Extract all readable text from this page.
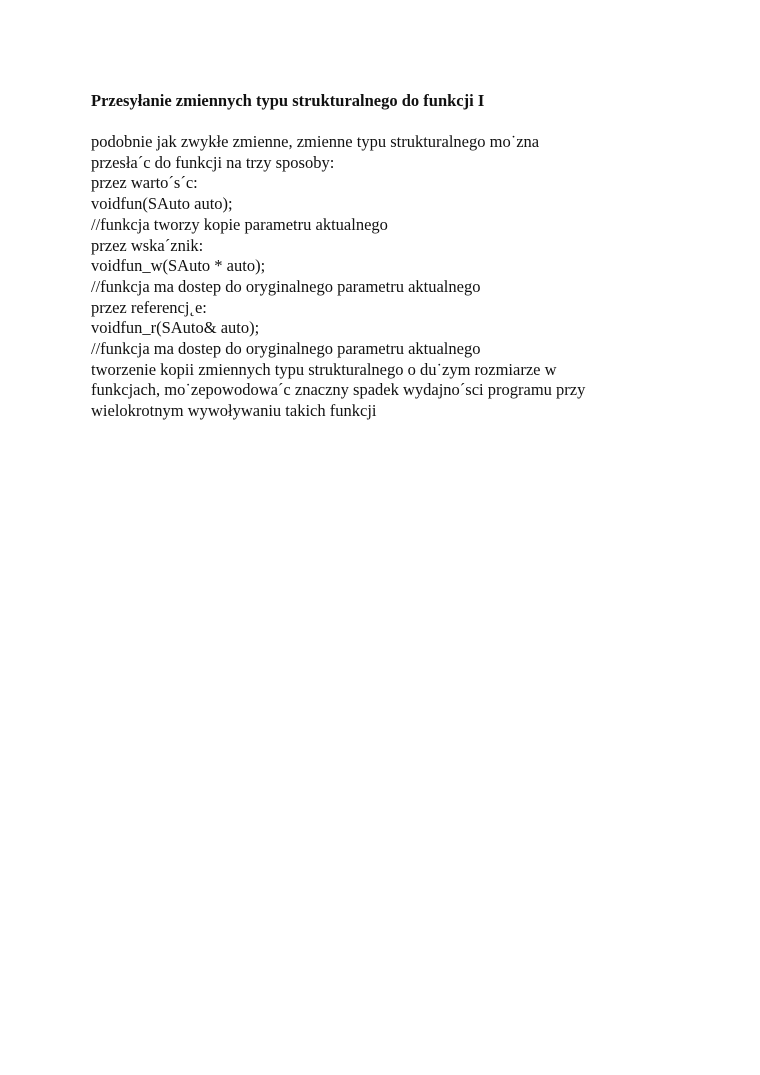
Przesyłanie zmiennych typu strukturalnego do funkcji I
podobnie jak zwykłe zmienne, zmienne typu strukturalnego mo˙zna
przesła´c do funkcji na trzy sposoby:
przez warto´s´c:
voidfun(SAuto auto);
//funkcja tworzy kopie parametru aktualnego
przez wska´znik:
voidfun_w(SAuto * auto);
//funkcja ma dostep do oryginalnego parametru aktualnego
przez referencj˛e:
voidfun_r(SAuto& auto);
//funkcja ma dostep do oryginalnego parametru aktualnego
tworzenie kopii zmiennych typu strukturalnego o du˙zym rozmiarze w
funkcjach, mo˙zepowodowa´c znaczny spadek wydajno´sci programu przy
wielokrotnym wywoływaniu takich funkcji
